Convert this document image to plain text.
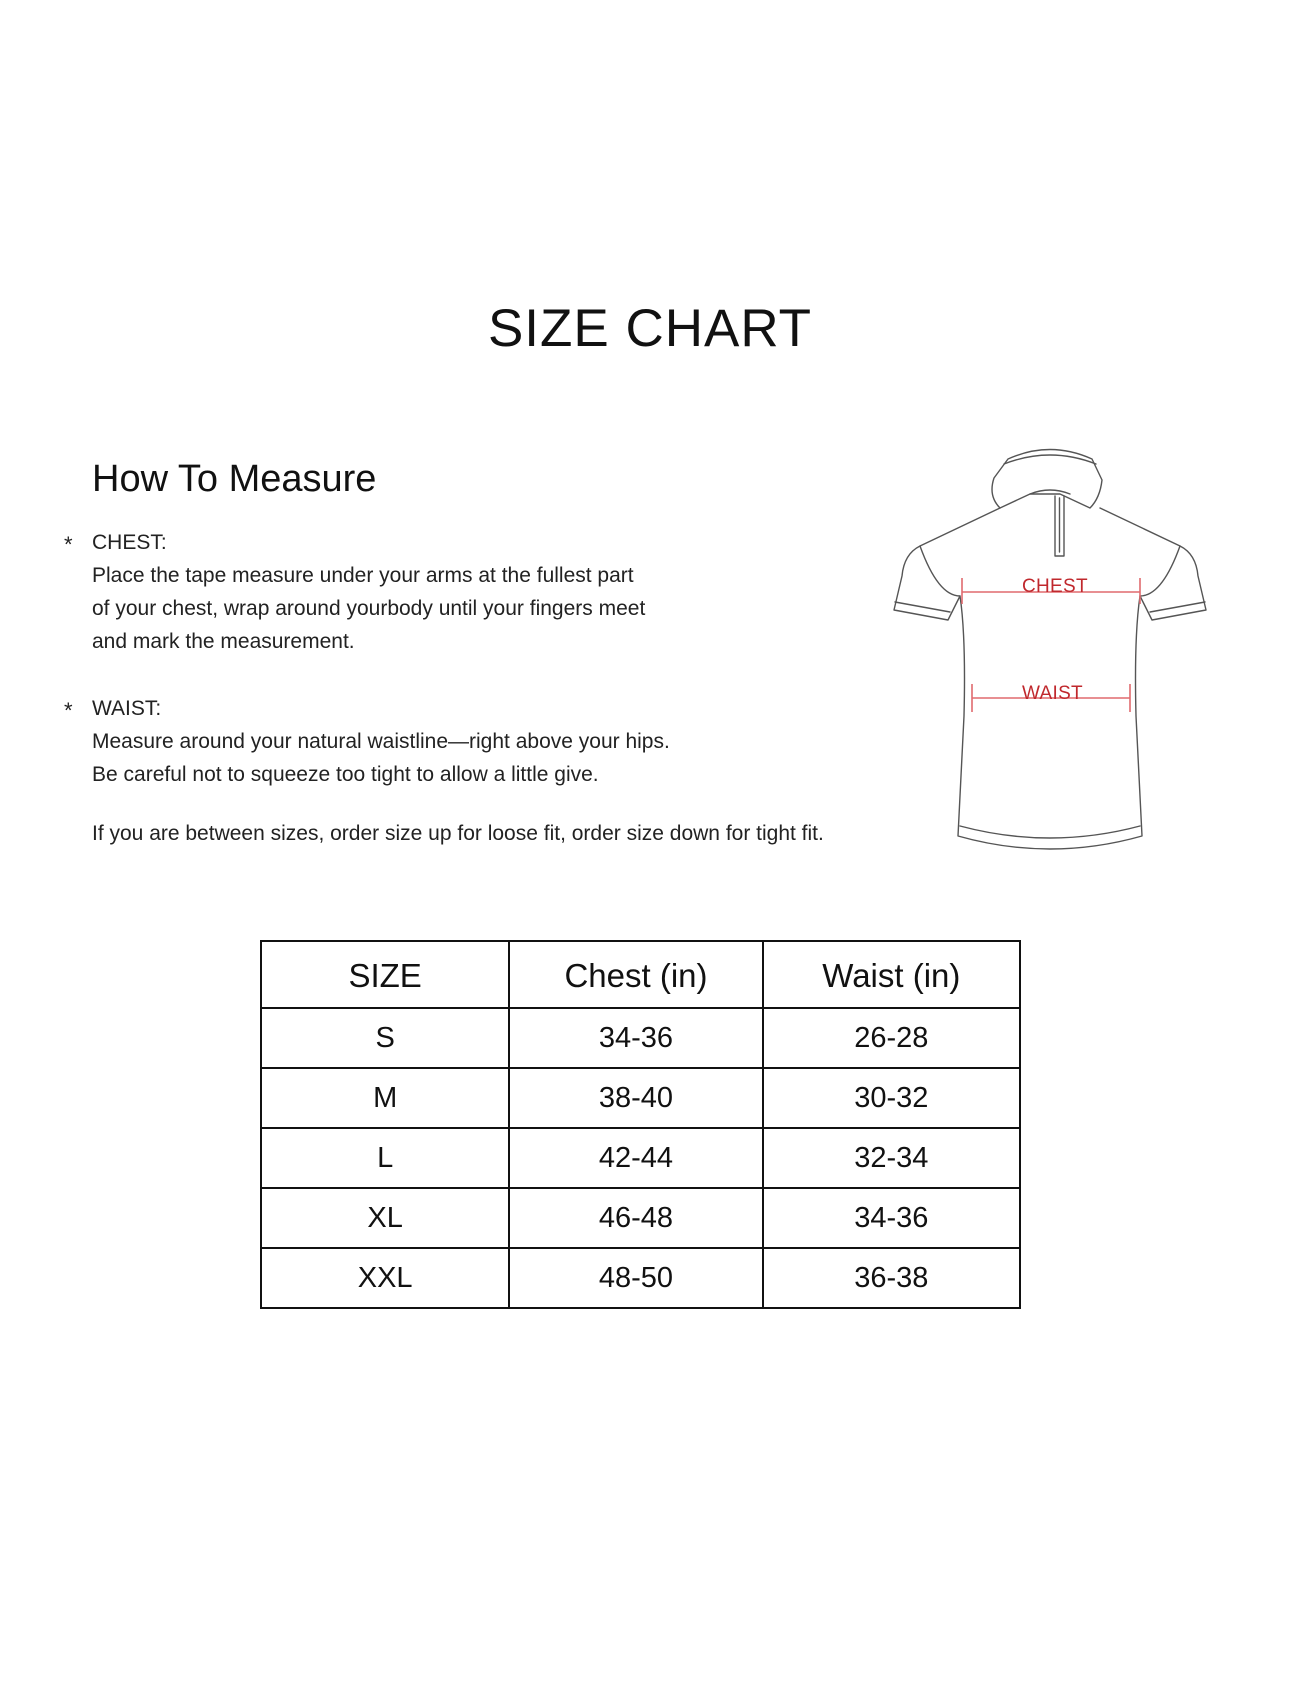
SIZE CHART
How To Measure
* CHEST:

Place the tape measure under your arms at the fullest part

of your chest, wrap around yourbody until your fingers meet

and mark the measurement.

* WAIST:

Measure around your natural waistline—right above your hips.

Be careful not to squeeze too tight to allow a little give.

If you are between sizes, order size up for loose fit, order size down for tight fit.

CHEST
WAIST
SIZE	Chest (in)	Waist (in)
S	34-36	26-28
M	38-40	30-32
L	42-44	32-34
XL	46-48	34-36
XXL	48-50	36-38
